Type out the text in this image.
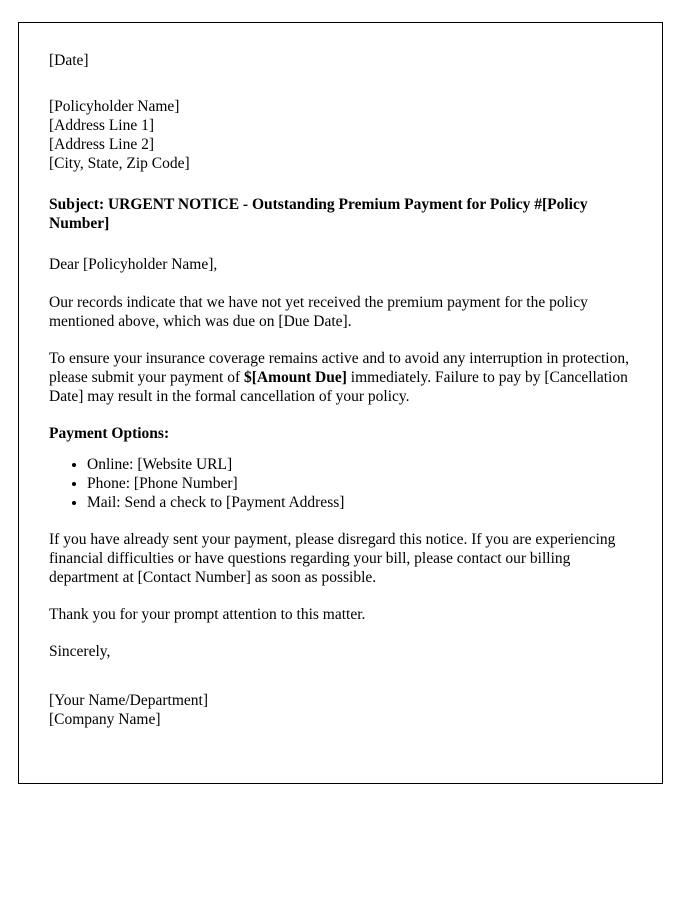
[Date]
[Policyholder Name]
[Address Line 1]
[Address Line 2]
[City, State, Zip Code]
Subject: URGENT NOTICE - Outstanding Premium Payment for Policy #[Policy Number]
Dear [Policyholder Name],
Our records indicate that we have not yet received the premium payment for the policy mentioned above, which was due on [Due Date].
To ensure your insurance coverage remains active and to avoid any interruption in protection, please submit your payment of $[Amount Due] immediately. Failure to pay by [Cancellation Date] may result in the formal cancellation of your policy.
Payment Options:
• Online: [Website URL]
• Phone: [Phone Number]
• Mail: Send a check to [Payment Address]
If you have already sent your payment, please disregard this notice. If you are experiencing financial difficulties or have questions regarding your bill, please contact our billing department at [Contact Number] as soon as possible.
Thank you for your prompt attention to this matter.
Sincerely,
[Your Name/Department]
[Company Name]
